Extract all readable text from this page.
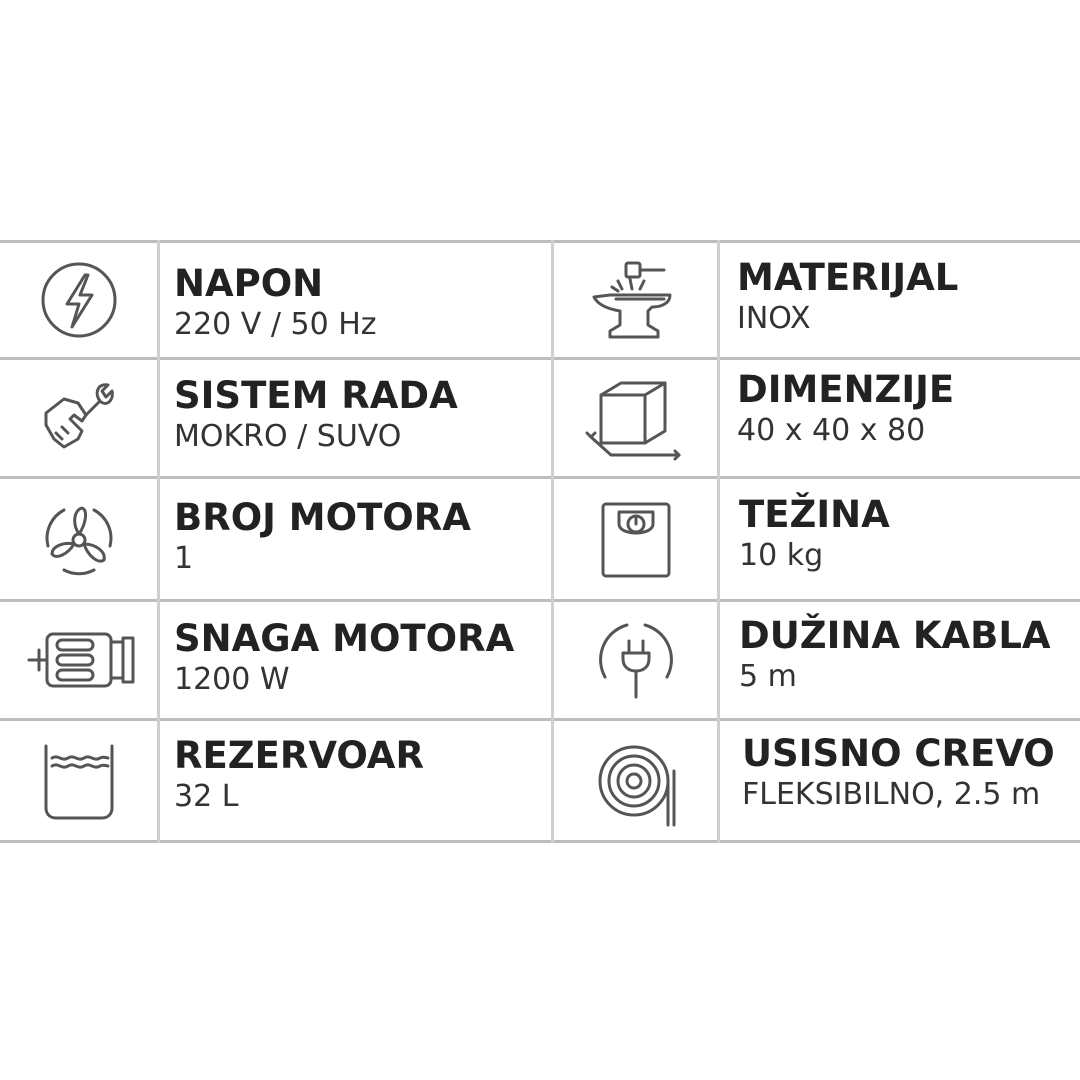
NAPON
220 V / 50 Hz
SISTEM RADA
MOKRO / SUVO
BROJ MOTORA
1
SNAGA MOTORA
1200 W
REZERVOAR
32 L
MATERIJAL
INOX
DIMENZIJE
40 x 40 x 80
TEŽINA
10 kg
DUŽINA KABLA
5 m
USISNO CREVO
FLEKSIBILNO, 2.5 m
